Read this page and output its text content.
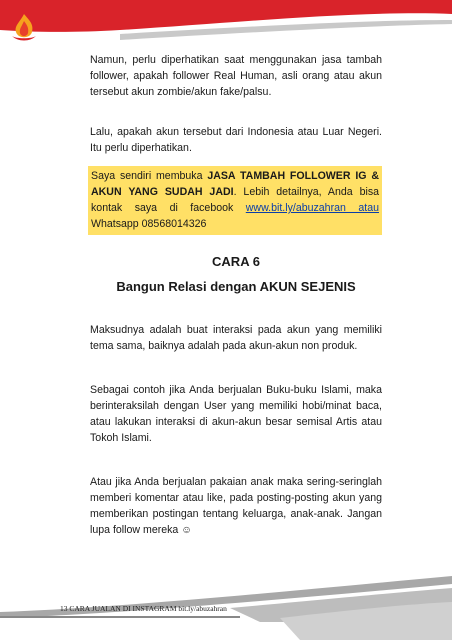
Namun, perlu diperhatikan saat menggunakan jasa tambah follower, apakah follower Real Human, asli orang atau akun tersebut akun zombie/akun fake/palsu.

Lalu, apakah akun tersebut dari Indonesia atau Luar Negeri. Itu perlu diperhatikan.

Saya sendiri membuka JASA TAMBAH FOLLOWER IG & AKUN YANG SUDAH JADI. Lebih detailnya, Anda bisa kontak saya di facebook www.bit.ly/abuzahran atau Whatsapp 08568014326

CARA 6
Bangun Relasi dengan AKUN SEJENIS

Maksudnya adalah buat interaksi pada akun yang memiliki tema sama, baiknya adalah pada akun-akun non produk.

Sebagai contoh jika Anda berjualan Buku-buku Islami, maka berinteraksilah dengan User yang memiliki hobi/minat baca, atau lakukan interaksi di akun-akun besar semisal Artis atau Tokoh Islami.

Atau jika Anda berjualan pakaian anak maka sering-seringlah memberi komentar atau like, pada posting-posting akun yang memberikan postingan tentang keluarga, anak-anak. Jangan lupa follow mereka ☺

13 CARA JUALAN DI INSTAGRAM bit.ly/abuzahran
